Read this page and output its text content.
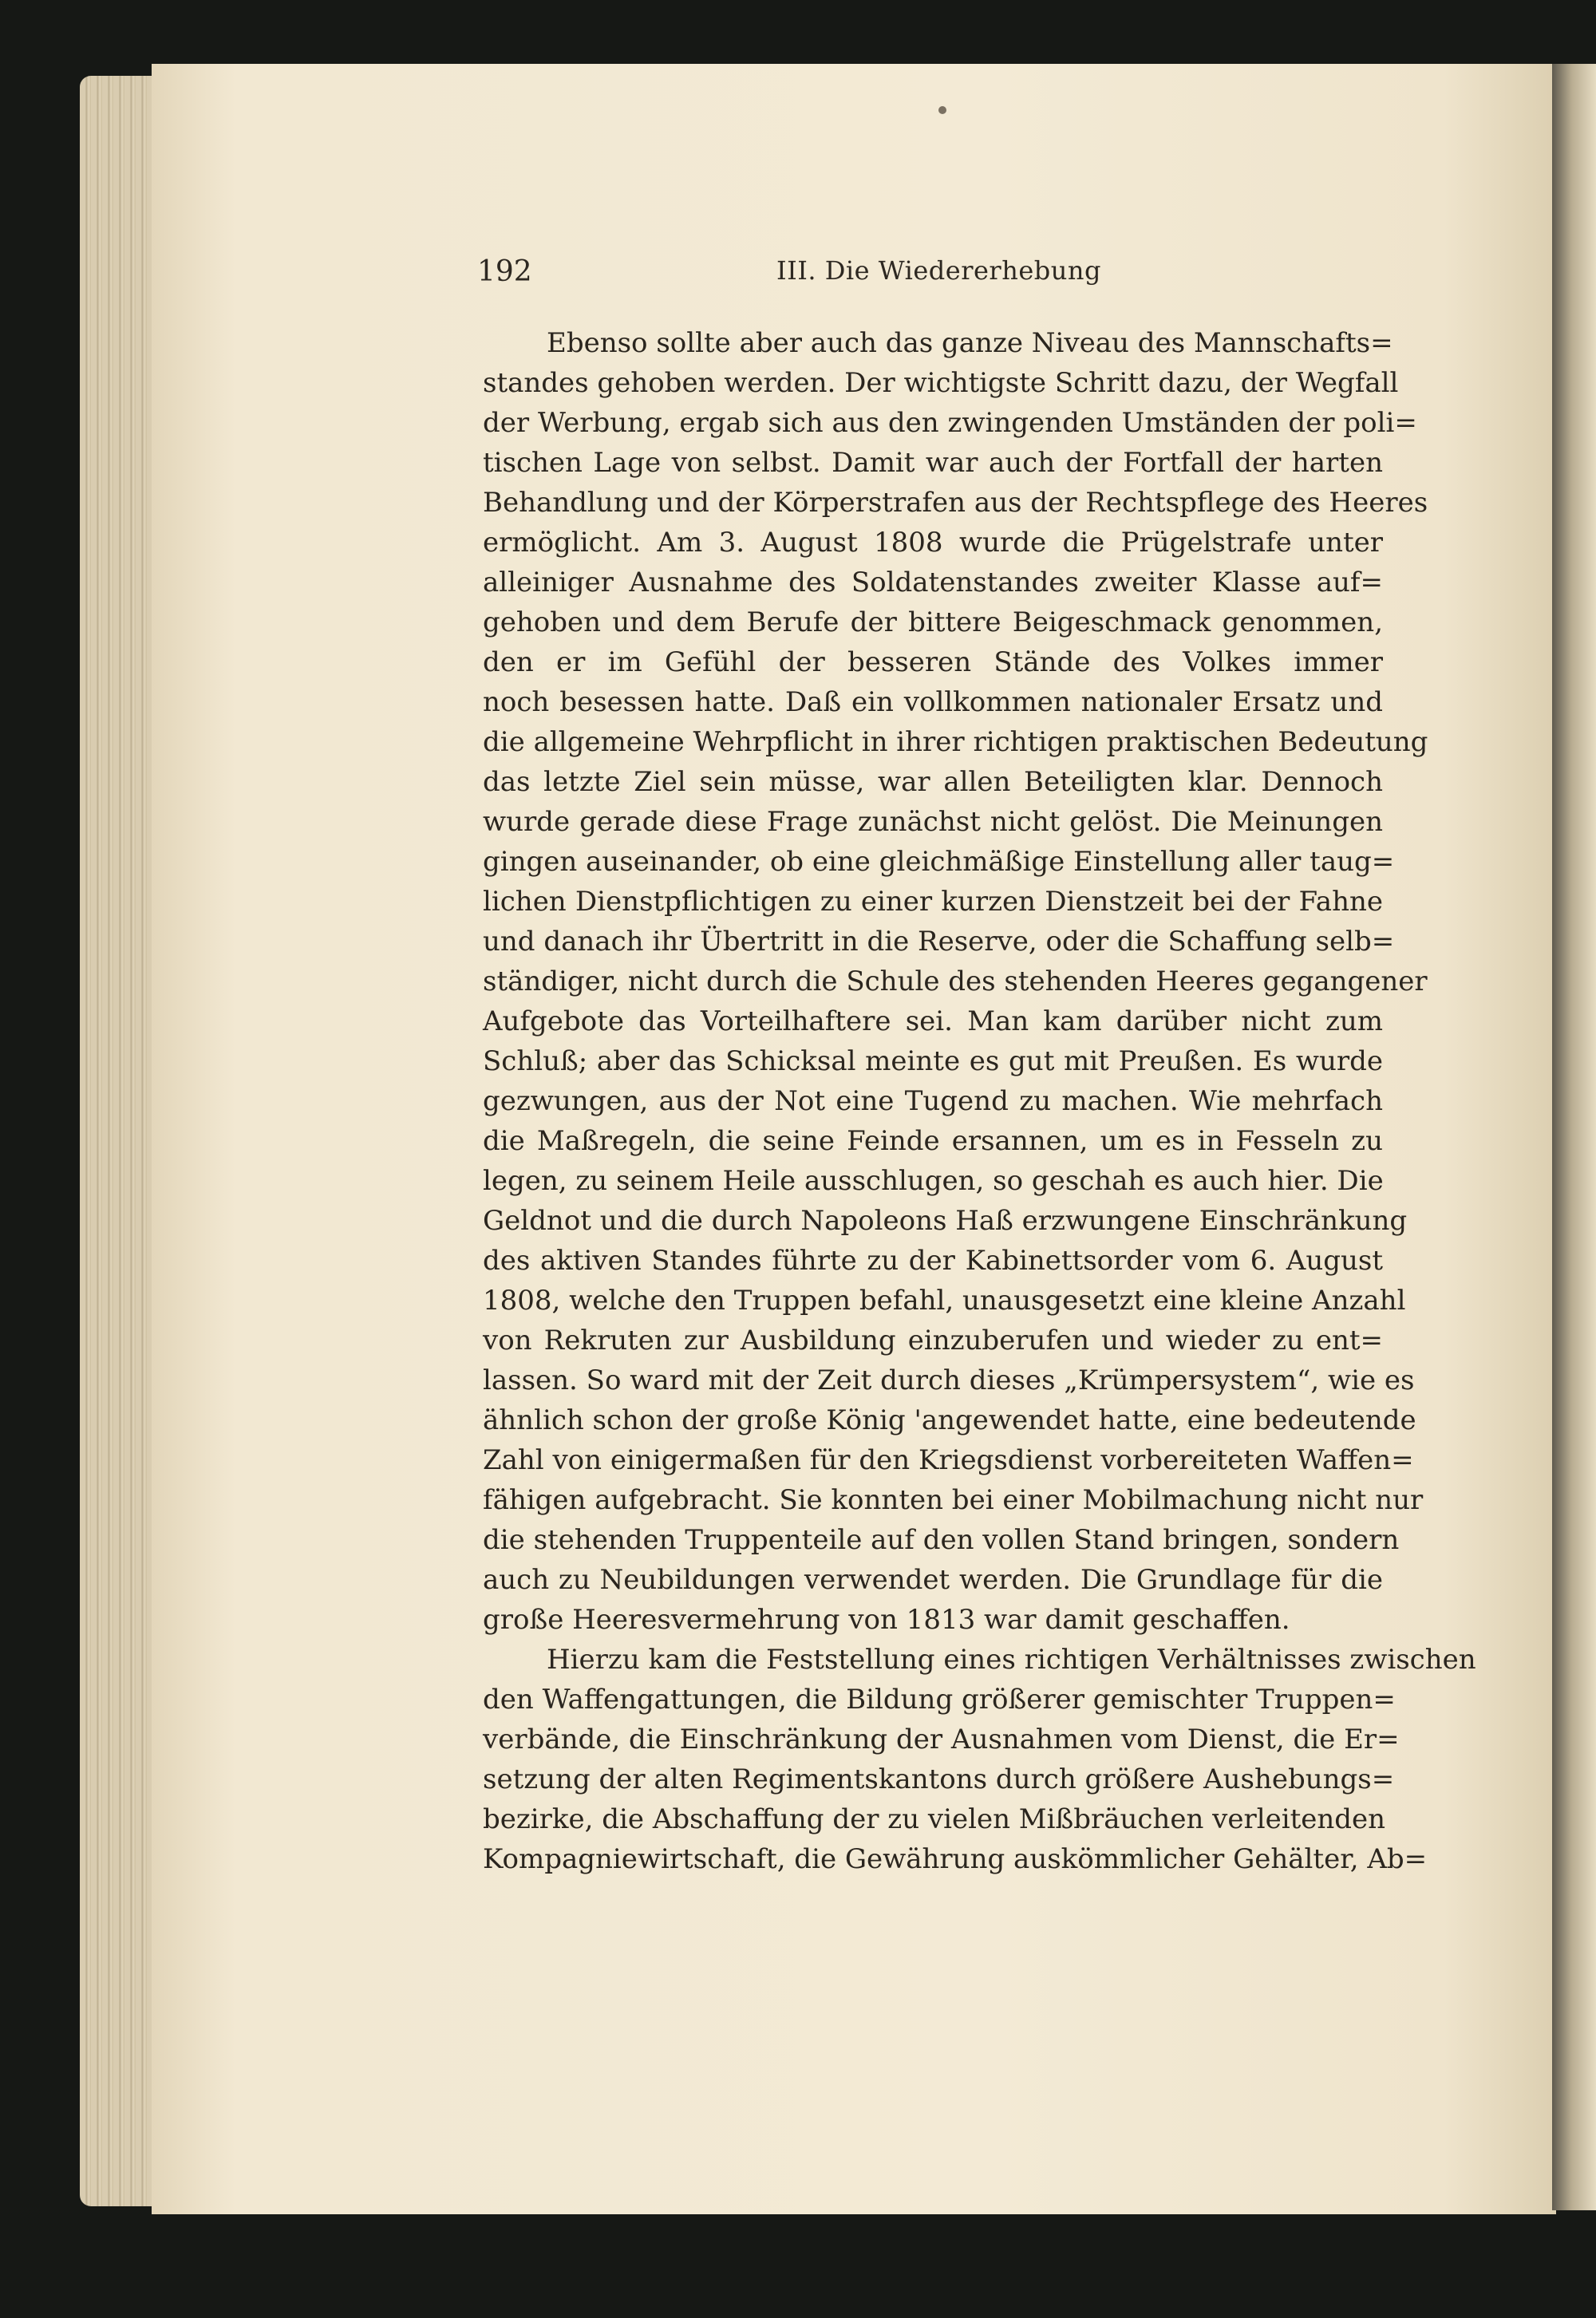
192	III. Die Wiedererhebung
Ebenso sollte aber auch das ganze Niveau des Mannschafts=
standes gehoben werden. Der wichtigste Schritt dazu, der Wegfall
der Werbung, ergab sich aus den zwingenden Umständen der poli=
tischen Lage von selbst. Damit war auch der Fortfall der harten
Behandlung und der Körperstrafen aus der Rechtspflege des Heeres
ermöglicht. Am 3. August 1808 wurde die Prügelstrafe unter
alleiniger Ausnahme des Soldatenstandes zweiter Klasse auf=
gehoben und dem Berufe der bittere Beigeschmack genommen,
den er im Gefühl der besseren Stände des Volkes immer
noch besessen hatte. Daß ein vollkommen nationaler Ersatz und
die allgemeine Wehrpflicht in ihrer richtigen praktischen Bedeutung
das letzte Ziel sein müsse, war allen Beteiligten klar. Dennoch
wurde gerade diese Frage zunächst nicht gelöst. Die Meinungen
gingen auseinander, ob eine gleichmäßige Einstellung aller taug=
lichen Dienstpflichtigen zu einer kurzen Dienstzeit bei der Fahne
und danach ihr Übertritt in die Reserve, oder die Schaffung selb=
ständiger, nicht durch die Schule des stehenden Heeres gegangener
Aufgebote das Vorteilhaftere sei. Man kam darüber nicht zum
Schluß; aber das Schicksal meinte es gut mit Preußen. Es wurde
gezwungen, aus der Not eine Tugend zu machen. Wie mehrfach
die Maßregeln, die seine Feinde ersannen, um es in Fesseln zu
legen, zu seinem Heile ausschlugen, so geschah es auch hier. Die
Geldnot und die durch Napoleons Haß erzwungene Einschränkung
des aktiven Standes führte zu der Kabinettsorder vom 6. August
1808, welche den Truppen befahl, unausgesetzt eine kleine Anzahl
von Rekruten zur Ausbildung einzuberufen und wieder zu ent=
lassen. So ward mit der Zeit durch dieses „Krümpersystem“, wie es
ähnlich schon der große König 'angewendet hatte, eine bedeutende
Zahl von einigermaßen für den Kriegsdienst vorbereiteten Waffen=
fähigen aufgebracht. Sie konnten bei einer Mobilmachung nicht nur
die stehenden Truppenteile auf den vollen Stand bringen, sondern
auch zu Neubildungen verwendet werden. Die Grundlage für die
große Heeresvermehrung von 1813 war damit geschaffen.
Hierzu kam die Feststellung eines richtigen Verhältnisses zwischen
den Waffengattungen, die Bildung größerer gemischter Truppen=
verbände, die Einschränkung der Ausnahmen vom Dienst, die Er=
setzung der alten Regimentskantons durch größere Aushebungs=
bezirke, die Abschaffung der zu vielen Mißbräuchen verleitenden
Kompagniewirtschaft, die Gewährung auskömmlicher Gehälter, Ab=
